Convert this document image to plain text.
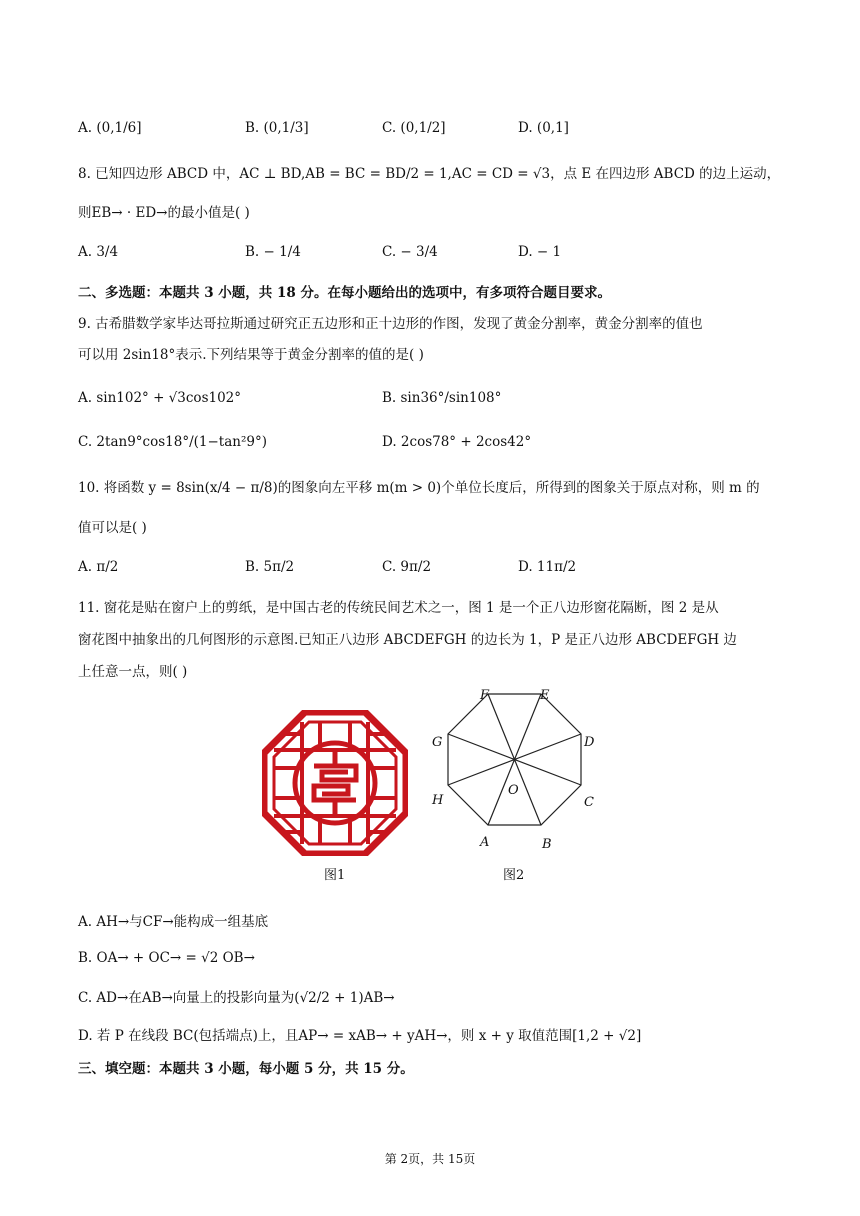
A. (0,1/6]	B. (0,1/3]	C. (0,1/2]	D. (0,1]
8. 已知四边形 ABCD 中，AC ⊥ BD,AB = BC = BD/2 = 1,AC = CD = √3，点 E 在四边形 ABCD 的边上运动，
则EB→ · ED→的最小值是( )
A. 3/4	B. − 1/4	C. − 3/4	D. − 1
二、多选题：本题共 3 小题，共 18 分。在每小题给出的选项中，有多项符合题目要求。
9. 古希腊数学家毕达哥拉斯通过研究正五边形和正十边形的作图，发现了黄金分割率，黄金分割率的值也
可以用 2sin18°表示.下列结果等于黄金分割率的值的是( )
A. sin102° + √3cos102°	B. sin36°/sin108°
C. 2tan9°cos18°/(1−tan²9°)	D. 2cos78° + 2cos42°
10. 将函数 y = 8sin(x/4 − π/8)的图象向左平移 m(m > 0)个单位长度后，所得到的图象关于原点对称，则 m 的
值可以是( )
A. π/2	B. 5π/2	C. 9π/2	D. 11π/2
11. 窗花是贴在窗户上的剪纸，是中国古老的传统民间艺术之一，图 1 是一个正八边形窗花隔断，图 2 是从
窗花图中抽象出的几何图形的示意图.已知正八边形 ABCDEFGH 的边长为 1，P 是正八边形 ABCDEFGH 边
上任意一点，则( )
A	B
C
D
E
F
G
H
O
图1	图2
A. AH→与CF→能构成一组基底
B. OA→ + OC→ = √2 OB→
C. AD→在AB→向量上的投影向量为(√2/2 + 1)AB→
D. 若 P 在线段 BC(包括端点)上，且AP→ = xAB→ + yAH→，则 x + y 取值范围[1,2 + √2]
三、填空题：本题共 3 小题，每小题 5 分，共 15 分。
第 2页，共 15页
